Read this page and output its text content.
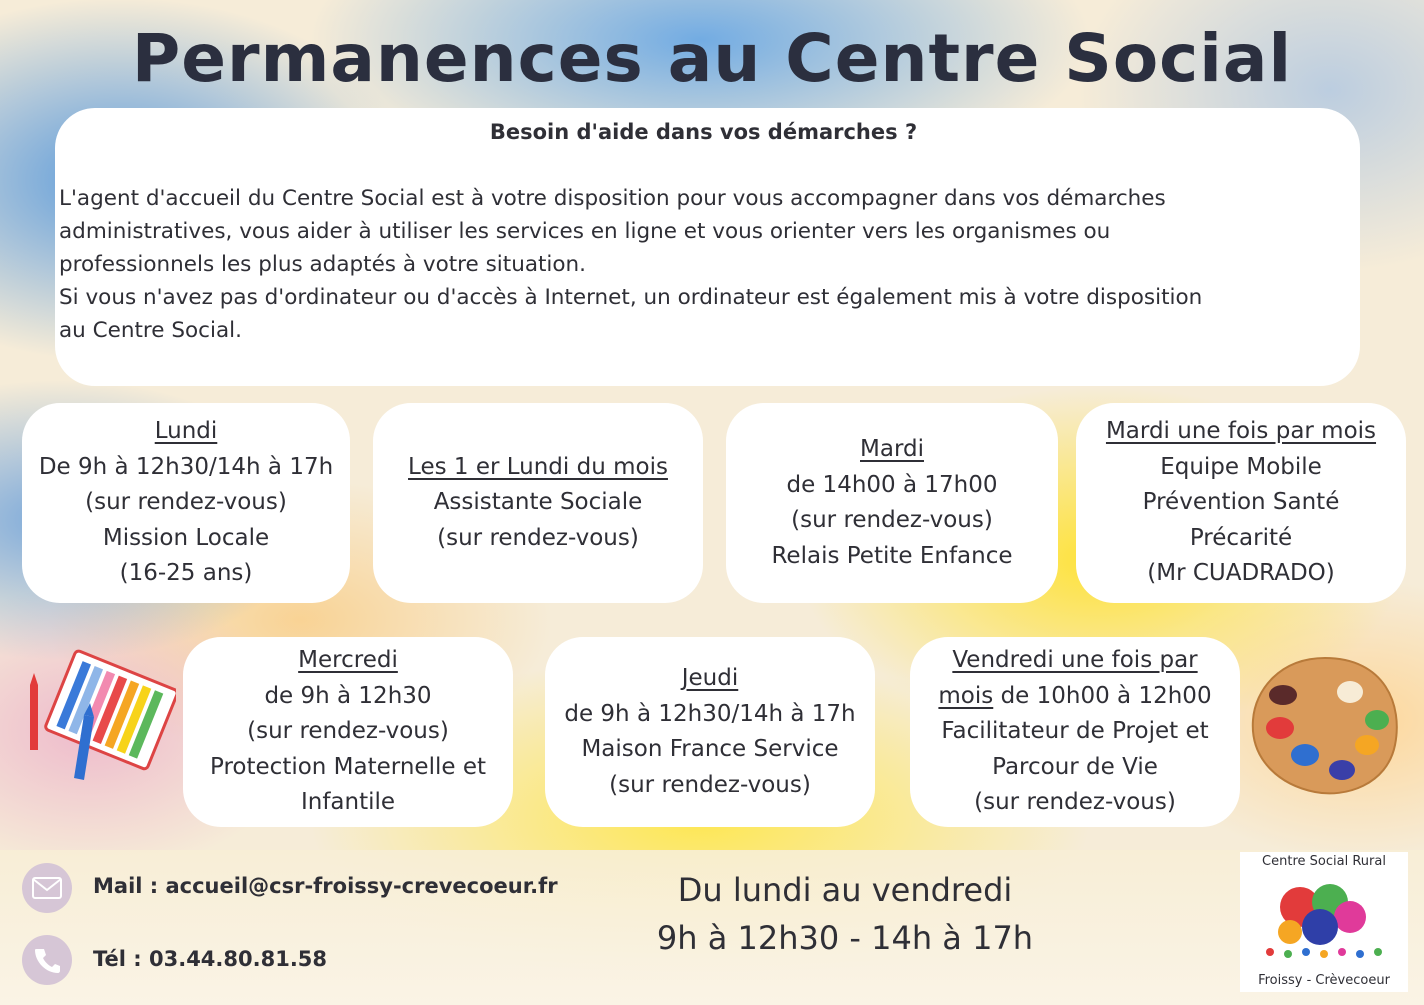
Permanences au Centre Social
Besoin d'aide dans vos démarches ?

L'agent d'accueil du Centre Social est à votre disposition pour vous accompagner dans vos démarches

administratives, vous aider à utiliser les services en ligne et vous orienter vers les organismes ou

professionnels les plus adaptés à votre situation.

Si vous n'avez pas d'ordinateur ou d'accès à Internet, un ordinateur est également mis à votre disposition

au Centre Social.

Lundi
De 9h à 12h30/14h à 17h
(sur rendez-vous)
Mission Locale
(16-25 ans)
Les 1 er Lundi du mois
Assistante Sociale
(sur rendez-vous)
Mardi
de 14h00 à 17h00
(sur rendez-vous)
Relais Petite Enfance
Mardi une fois par mois
Equipe Mobile
Prévention Santé
Précarité
(Mr CUADRADO)
Mercredi
de 9h à 12h30
(sur rendez-vous)
Protection Maternelle et
Infantile
Jeudi
de 9h à 12h30/14h à 17h
Maison France Service
(sur rendez-vous)
Vendredi une fois par
mois de 10h00 à 12h00
Facilitateur de Projet et
Parcour de Vie
(sur rendez-vous)
Mail : accueil@csr-froissy-crevecoeur.fr
Tél : 03.44.80.81.58
Du lundi au vendredi
9h à 12h30 - 14h à 17h
Centre Social Rural
Froissy - Crèvecoeur
